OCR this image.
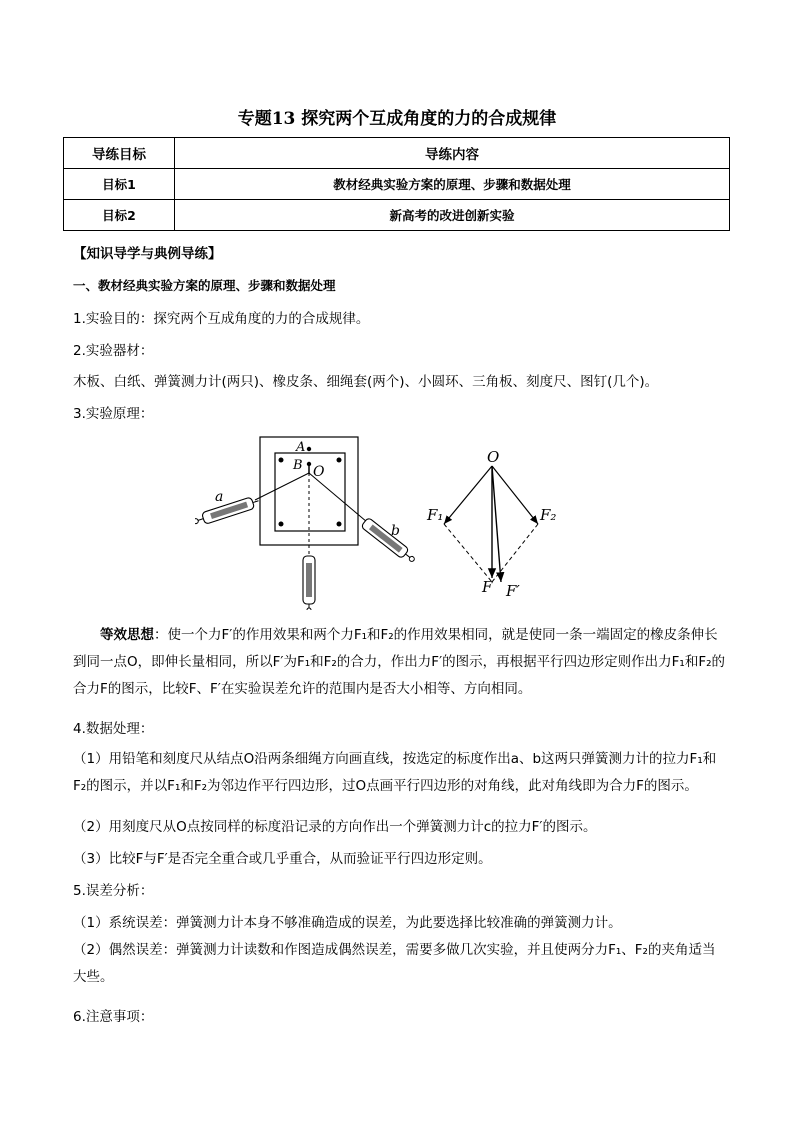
专题13 探究两个互成角度的力的合成规律
导练目标	导练内容
目标1	教材经典实验方案的原理、步骤和数据处理
目标2	新高考的改进创新实验
【知识导学与典例导练】
一、教材经典实验方案的原理、步骤和数据处理
1.实验目的：探究两个互成角度的力的合成规律。
2.实验器材：
木板、白纸、弹簧测力计(两只)、橡皮条、细绳套(两个)、小圆环、三角板、刻度尺、图钉(几个)。
3.实验原理：
A
B O
a
b
O
F₁	F₂
F F′
等效思想：使一个力F′的作用效果和两个力F₁和F₂的作用效果相同，就是使同一条一端固定的橡皮条伸长到同一点O，即伸长量相同，所以F′为F₁和F₂的合力，作出力F′的图示，再根据平行四边形定则作出力F₁和F₂的合力F的图示，比较F、F′在实验误差允许的范围内是否大小相等、方向相同。
4.数据处理：
（1）用铅笔和刻度尺从结点O沿两条细绳方向画直线，按选定的标度作出a、b这两只弹簧测力计的拉力F₁和F₂的图示，并以F₁和F₂为邻边作平行四边形，过O点画平行四边形的对角线，此对角线即为合力F的图示。
（2）用刻度尺从O点按同样的标度沿记录的方向作出一个弹簧测力计c的拉力F′的图示。
（3）比较F与F′是否完全重合或几乎重合，从而验证平行四边形定则。
5.误差分析：
（1）系统误差：弹簧测力计本身不够准确造成的误差，为此要选择比较准确的弹簧测力计。
（2）偶然误差：弹簧测力计读数和作图造成偶然误差，需要多做几次实验，并且使两分力F₁、F₂的夹角适当大些。
6.注意事项：
